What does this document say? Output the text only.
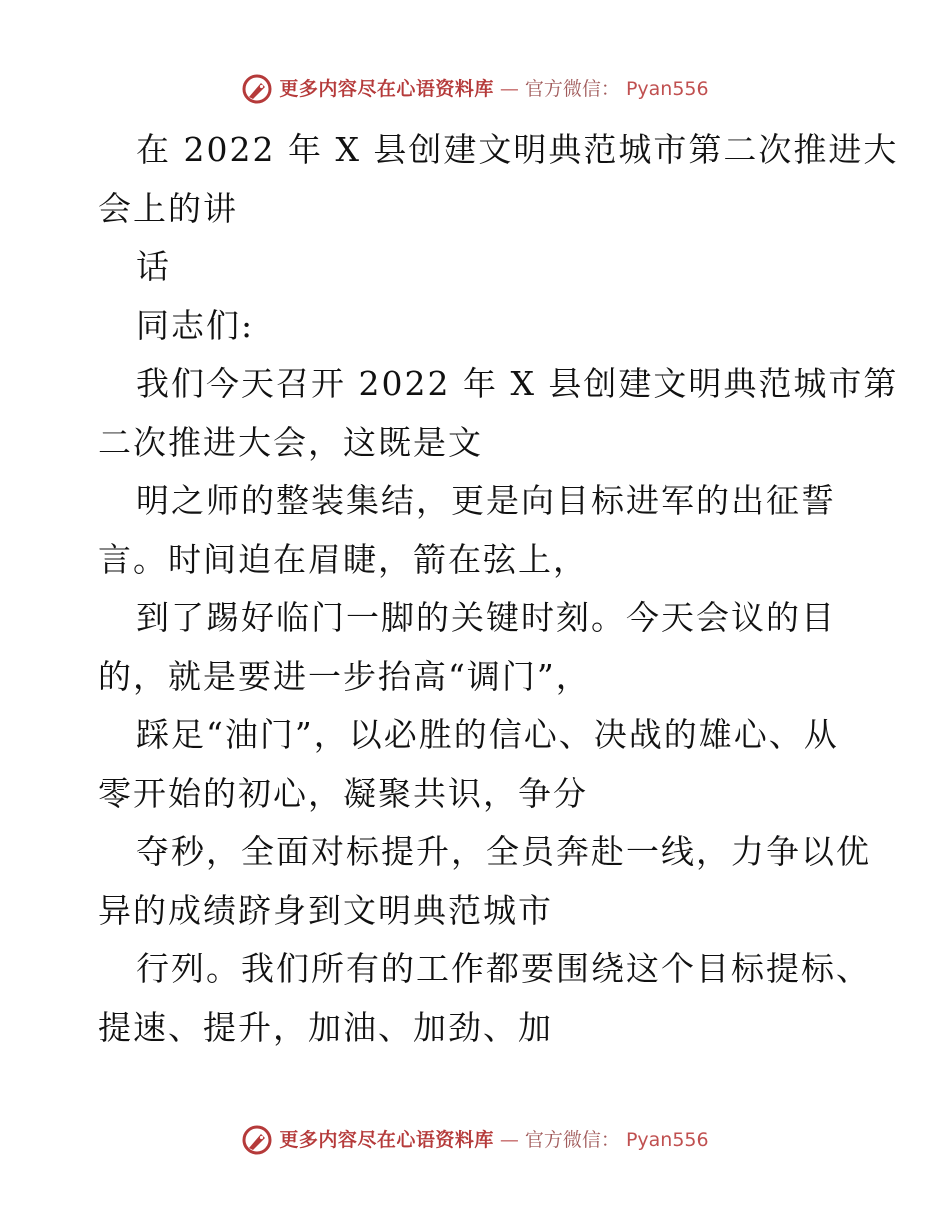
更多内容尽在心语资料库 — 官方微信： Pyan556
在 2022 年 X 县创建文明典范城市第二次推进大
会上的讲
话
同志们:
我们今天召开 2022 年 X 县创建文明典范城市第
二次推进大会，这既是文
明之师的整装集结，更是向目标进军的出征誓
言。时间迫在眉睫，箭在弦上，
到了踢好临门一脚的关键时刻。今天会议的目
的，就是要进一步抬高“调门”，
踩足“油门”，以必胜的信心、决战的雄心、从
零开始的初心，凝聚共识，争分
夺秒，全面对标提升，全员奔赴一线，力争以优
异的成绩跻身到文明典范城市
行列。我们所有的工作都要围绕这个目标提标、
提速、提升，加油、加劲、加
更多内容尽在心语资料库 — 官方微信： Pyan556
